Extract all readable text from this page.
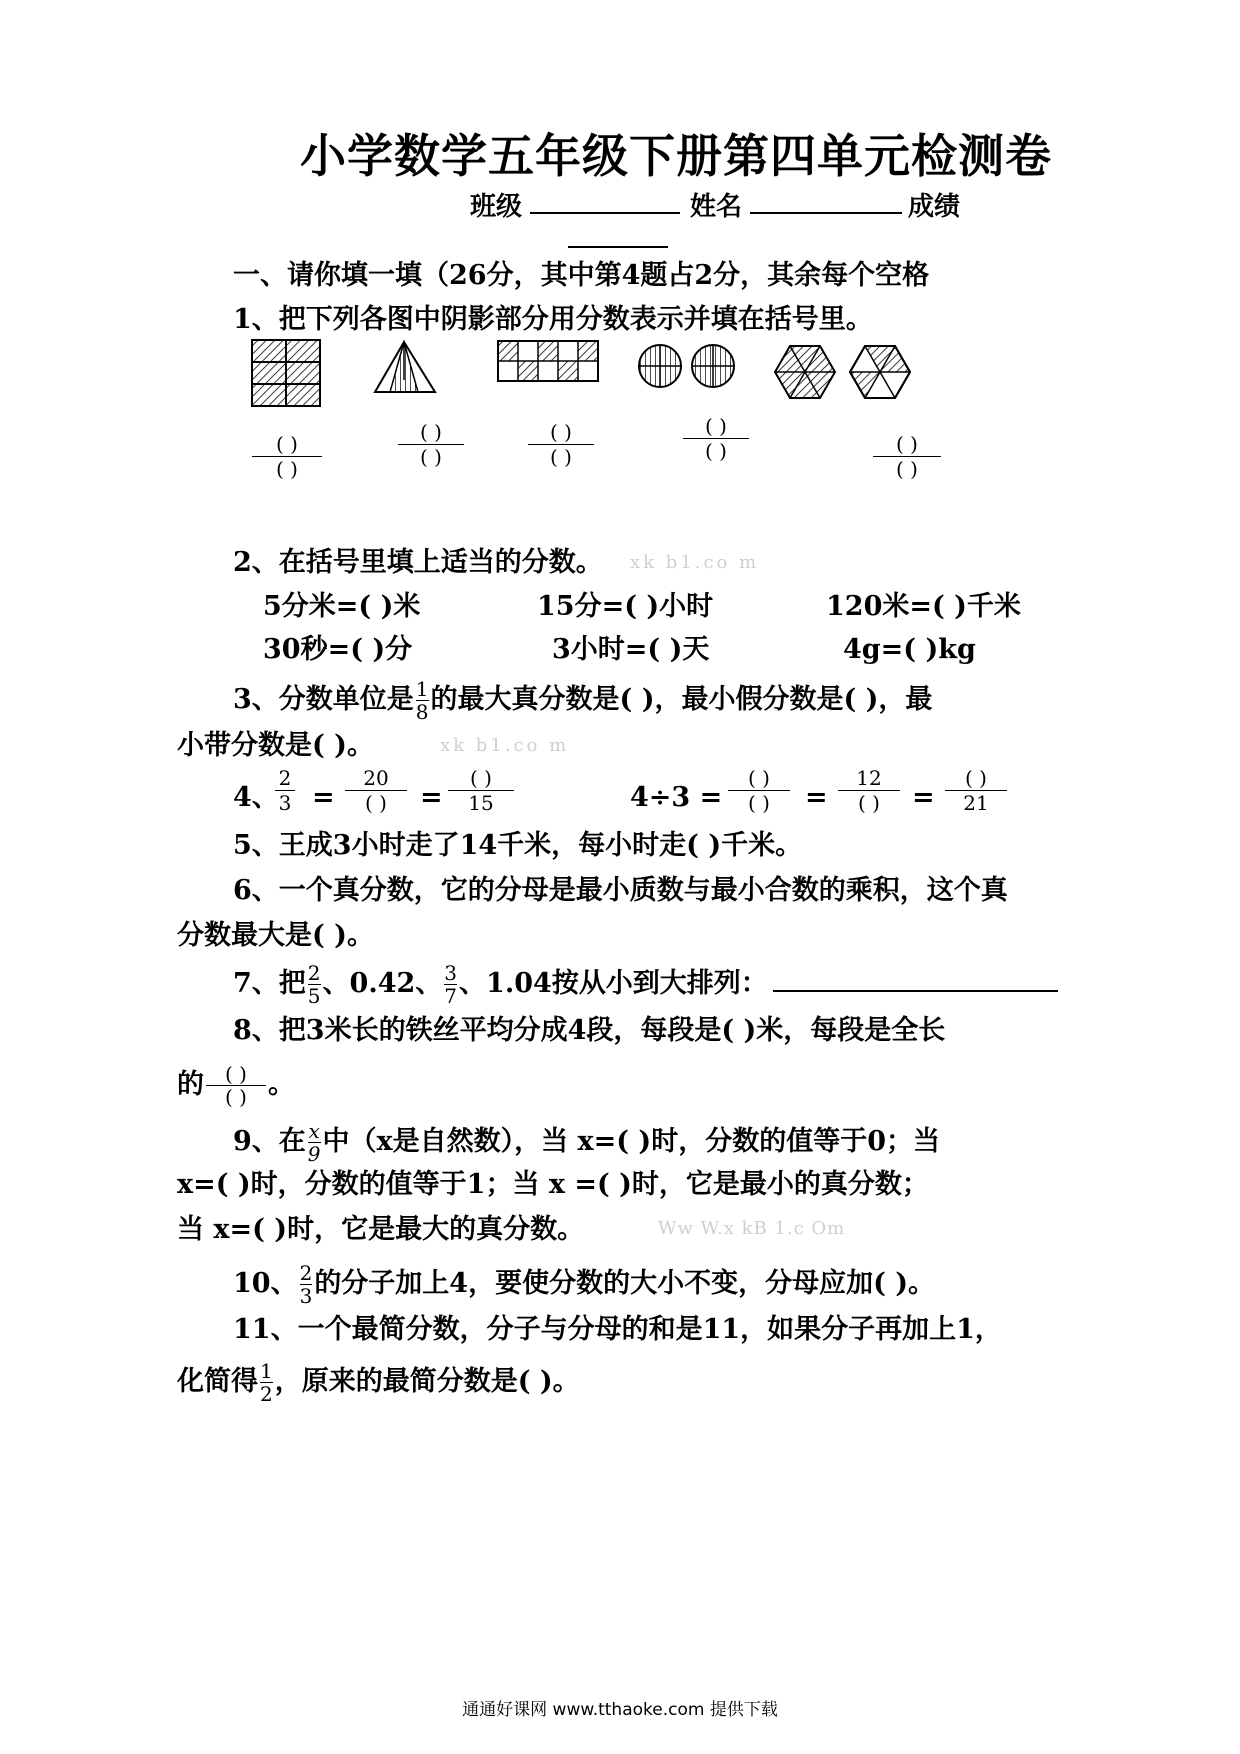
小学数学五年级下册第四单元检测卷
班级	姓名	成绩
一、请你填一填（26分，其中第4题占2分，其余每个空格
1、把下列各图中阴影部分用分数表示并填在括号里。
( )
( )
( )
( )
( )
( )
( )
( )	( )
( )
2、在括号里填上适当的分数。 xk b1.co m
5分米=( )米	15分=( )小时	120米=( )千米
30秒=( )分	3小时=( )天	4g=( )kg
3、分数单位是 $\frac{1}{8}$ 的最大真分数是( )，最小假分数是( )，最
小带分数是( )。	xk b1.co m
4、
2
3 =
20
( )	=
( )
15	4÷3 =
( )
( )	=
12
( )	=
( )
21
5、王成3小时走了14千米，每小时走( )千米。
6、一个真分数，它的分母是最小质数与最小合数的乘积，这个真
分数最大是( )。
7、把 $\frac{2}{5}$ 、0.42、 $\frac{3}{7}$ 、1.04按从小到大排列：
8、把3米长的铁丝平均分成4段，每段是( )米，每段是全长
的	( )
( ) 。
9、在 $\frac{x}{9}$ 中（x是自然数），当 x=( )时，分数的值等于0；当
x=( )时，分数的值等于1；当 x =( )时，它是最小的真分数；
当 x=( )时，它是最大的真分数。	Ww W.x kB 1.c Om
10、 $\frac{2}{3}$ 的分子加上4，要使分数的大小不变，分母应加( )。
11、一个最简分数，分子与分母的和是11，如果分子再加上1，
化简得 $\frac{1}{2}$ ，原来的最简分数是( )。
通通好课网 www.tthaoke.com 提供下载
